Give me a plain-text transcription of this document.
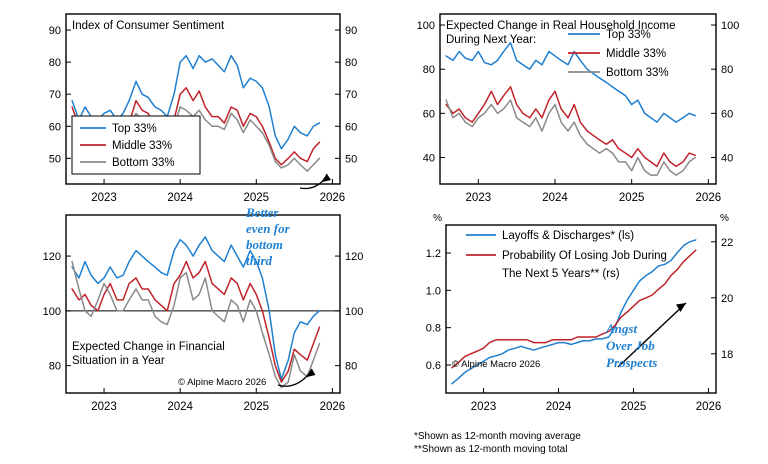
50	50
60	60
70	70
80	80
90	90
2023	2024	2025	2026
Index of Consumer Sentiment
Top 33%
Middle 33%
Bottom 33%
80	80
100	100
120	120
2023	2024	2025	2026
Expected Change in Financial
Situation in a Year
© Alpine Macro 2026
Better
even for
bottom
third
40	40
60	60
80	80
100	100
2023	2024	2025	2026
Expected Change in Real Household Income
During Next Year:	Top 33%
Middle 33%
Bottom 33%
0.6
0.8
1.0
1.2
18
20
22
%	%
2023	2024	2025	2026
Layoffs & Discharges* (ls)
Probability Of Losing Job During
The Next 5 Years** (rs)
© Alpine Macro 2026
Angst
Over Job
Prospects
*Shown as 12-month moving average
**Shown as 12-month moving total
